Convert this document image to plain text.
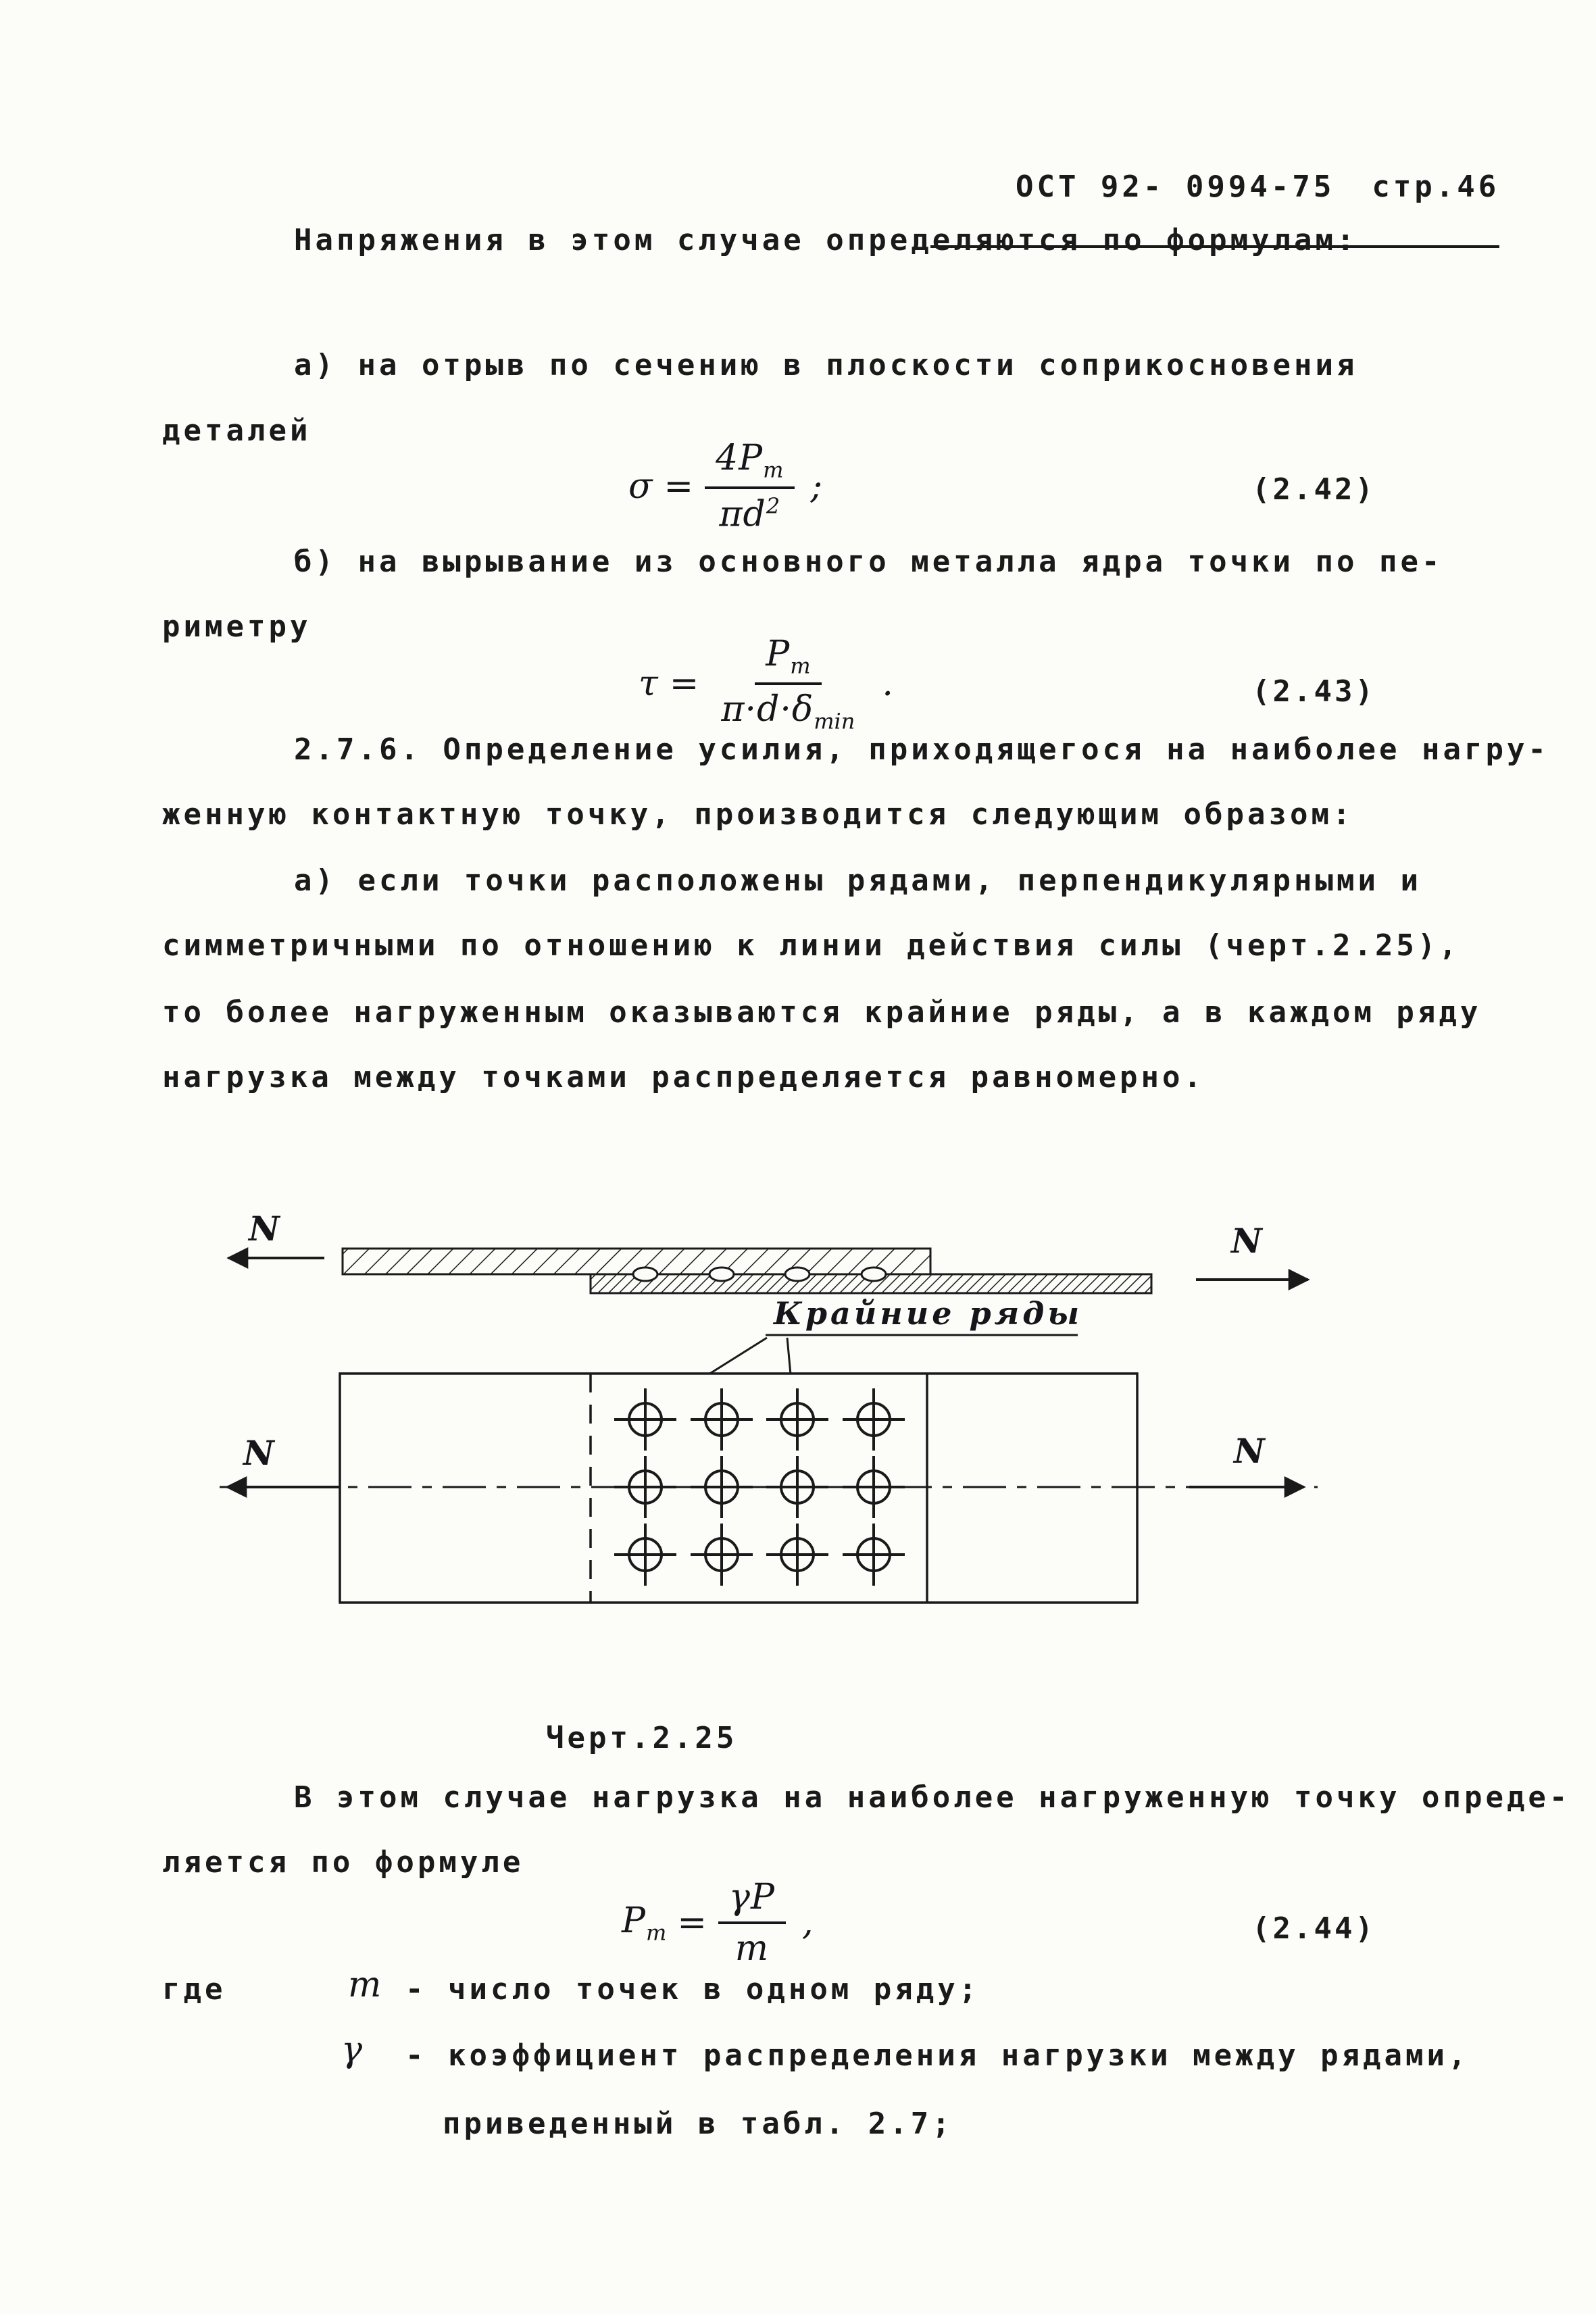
ОСТ 92- 0994-75 стр.46

Напряжения в этом случае определяются по формулам:
а) на отрыв по сечению в плоскости соприкосновения
деталей
$\sigma = \frac{4P_т}{\pi d^2}$ ;	(2.42)
б) на вырывание из основного металла ядра точки по пе-
риметру
$\tau = \frac{P_т}{\pi\cdot d\cdot\delta_{min}}$ .	(2.43)
2.7.6. Определение усилия, приходящегося на наиболее нагру-
женную контактную точку, производится следующим образом:
а) если точки расположены рядами, перпендикулярными и
симметричными по отношению к линии действия силы (черт.2.25),
то более нагруженным оказываются крайние ряды, а в каждом ряду
нагрузка между точками распределяется равномерно.
N	N
Крайние ряды
N	N
Черт.2.25
В этом случае нагрузка на наиболее нагруженную точку опреде-
ляется по формуле
$P_т = \frac{\gamma P}{m}$ ,	(2.44)
где	m - число точек в одном ряду;
γ - коэффициент распределения нагрузки между рядами,
приведенный в табл. 2.7;
